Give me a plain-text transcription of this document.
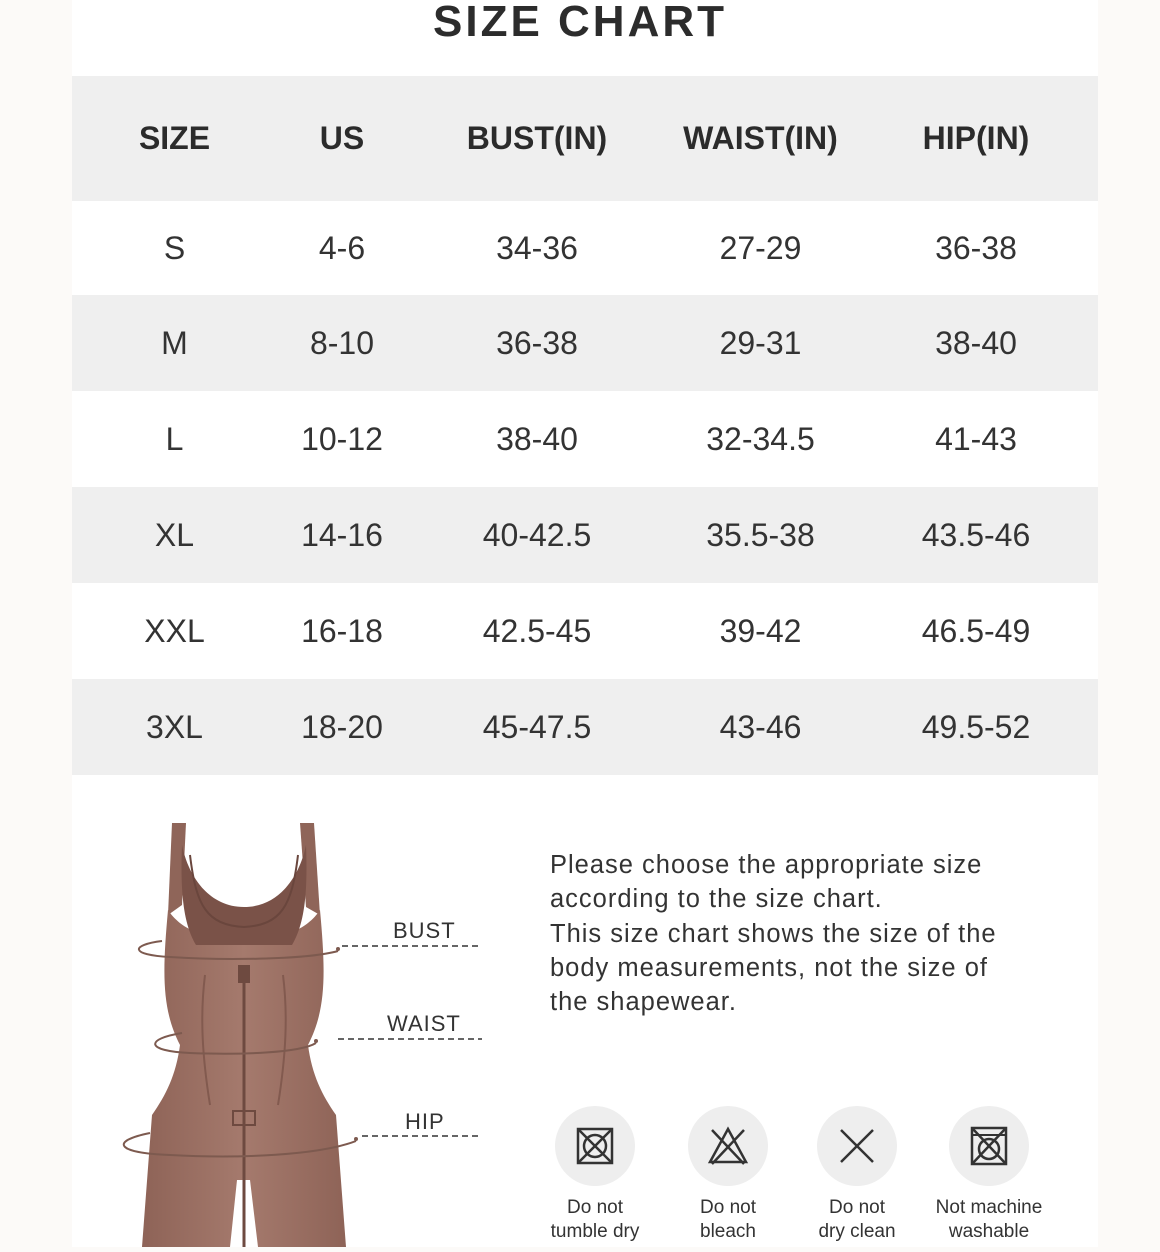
SIZE CHART
SIZE	US	BUST(IN)	WAIST(IN)	HIP(IN)
S	4-6	34-36	27-29	36-38
M	8-10	36-38	29-31	38-40
L	10-12	38-40	32-34.5	41-43
XL	14-16	40-42.5	35.5-38	43.5-46
XXL	16-18	42.5-45	39-42	46.5-49
3XL	18-20	45-47.5	43-46	49.5-52
BUST
WAIST
HIP
Please choose the appropriate size
according to the size chart.
This size chart shows the size of the
body measurements, not the size of
the shapewear.
Do not
tumble dry
Do not
bleach
Do not
dry clean
Not machine
washable
